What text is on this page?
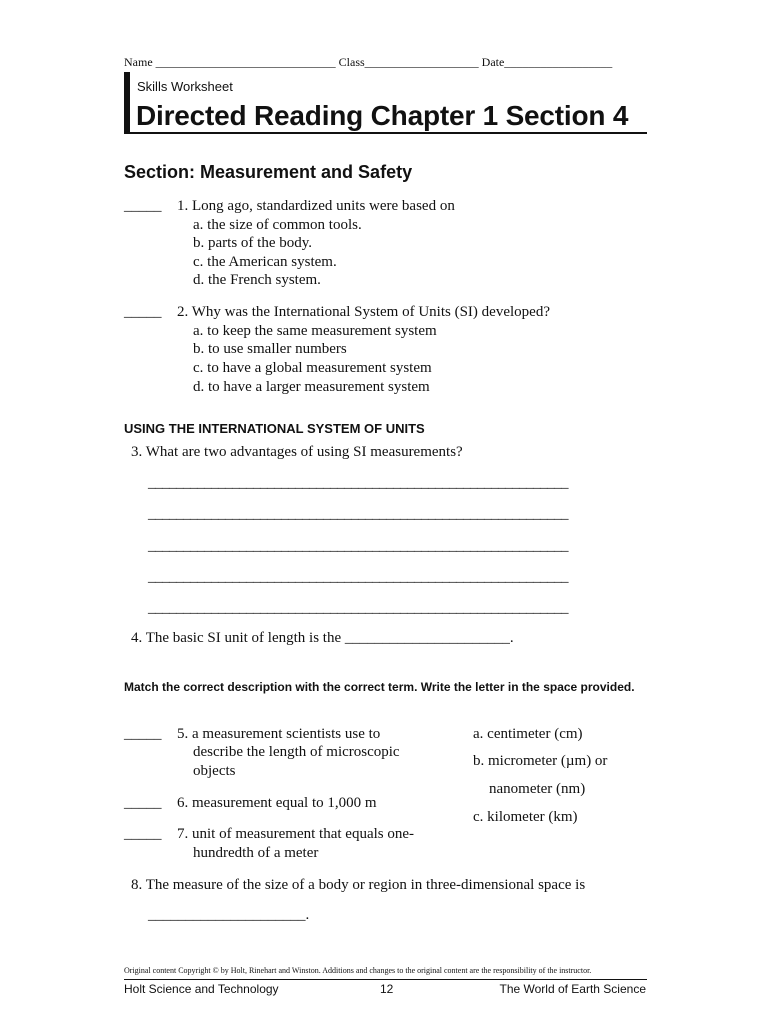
Name ______________________________ Class___________________ Date__________________
Skills Worksheet
Directed Reading Chapter 1 Section 4
Section: Measurement and Safety
_____ 1. Long ago, standardized units were based on
a. the size of common tools.
b. parts of the body.
c. the American system.
d. the French system.
_____ 2. Why was the International System of Units (SI) developed?
a. to keep the same measurement system
b. to use smaller numbers
c. to have a global measurement system
d. to have a larger measurement system
USING THE INTERNATIONAL SYSTEM OF UNITS
3. What are two advantages of using SI measurements?
____________________________________________________________
____________________________________________________________
____________________________________________________________
____________________________________________________________
____________________________________________________________
4. The basic SI unit of length is the ______________________.
Match the correct description with the correct term. Write the letter in the space provided.
_____ 5. a measurement scientists use to
describe the length of microscopic
objects
_____ 6. measurement equal to 1,000 m
_____ 7. unit of measurement that equals one-
hundredth of a meter
a. centimeter (cm)
b. micrometer (µm) or
nanometer (nm)
c. kilometer (km)
8. The measure of the size of a body or region in three-dimensional space is
_____________________.
Original content Copyright © by Holt, Rinehart and Winston. Additions and changes to the original content are the responsibility of the instructor.
Holt Science and Technology	12	The World of Earth Science
